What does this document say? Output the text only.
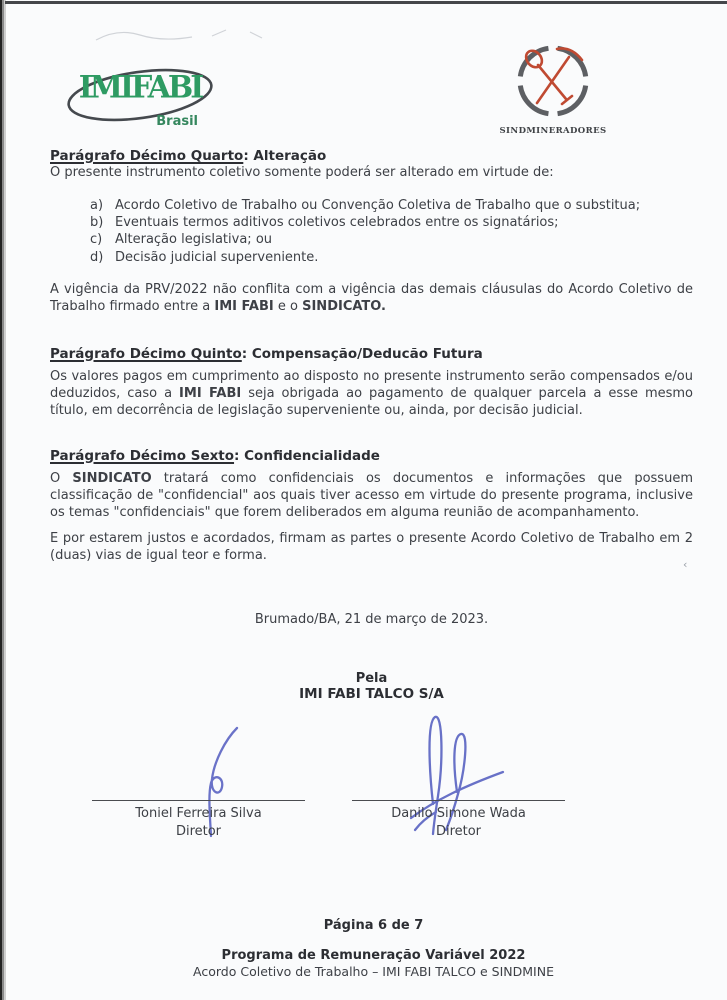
‹
IMIFABI
Brasil
SINDMINERADORES
Parágrafo Décimo Quarto: Alteração

O presente instrumento coletivo somente poderá ser alterado em virtude de:

a) Acordo Coletivo de Trabalho ou Convenção Coletiva de Trabalho que o substitua;
b) Eventuais termos aditivos coletivos celebrados entre os signatários;
c) Alteração legislativa; ou
d) Decisão judicial superveniente.

A vigência da PRV/2022 não conflita com a vigência das demais cláusulas do Acordo Coletivo de Trabalho firmado entre a IMI FABI e o SINDICATO.

Parágrafo Décimo Quinto: Compensação/Deducão Futura

Os valores pagos em cumprimento ao disposto no presente instrumento serão compensados e/ou deduzidos, caso a IMI FABI seja obrigada ao pagamento de qualquer parcela a esse mesmo título, em decorrência de legislação superveniente ou, ainda, por decisão judicial.

Parágrafo Décimo Sexto: Confidencialidade

O SINDICATO tratará como confidenciais os documentos e informações que possuem classificação de "confidencial" aos quais tiver acesso em virtude do presente programa, inclusive os temas "confidenciais" que forem deliberados em alguma reunião de acompanhamento.

E por estarem justos e acordados, firmam as partes o presente Acordo Coletivo de Trabalho em 2 (duas) vias de igual teor e forma.

Brumado/BA, 21 de março de 2023.

Pela

IMI FABI TALCO S/A

Toniel Ferreira Silva
Diretor
Danilo Simone Wada
Diretor
Página 6 de 7
Programa de Remuneração Variável 2022
Acordo Coletivo de Trabalho – IMI FABI TALCO e SINDMINE
